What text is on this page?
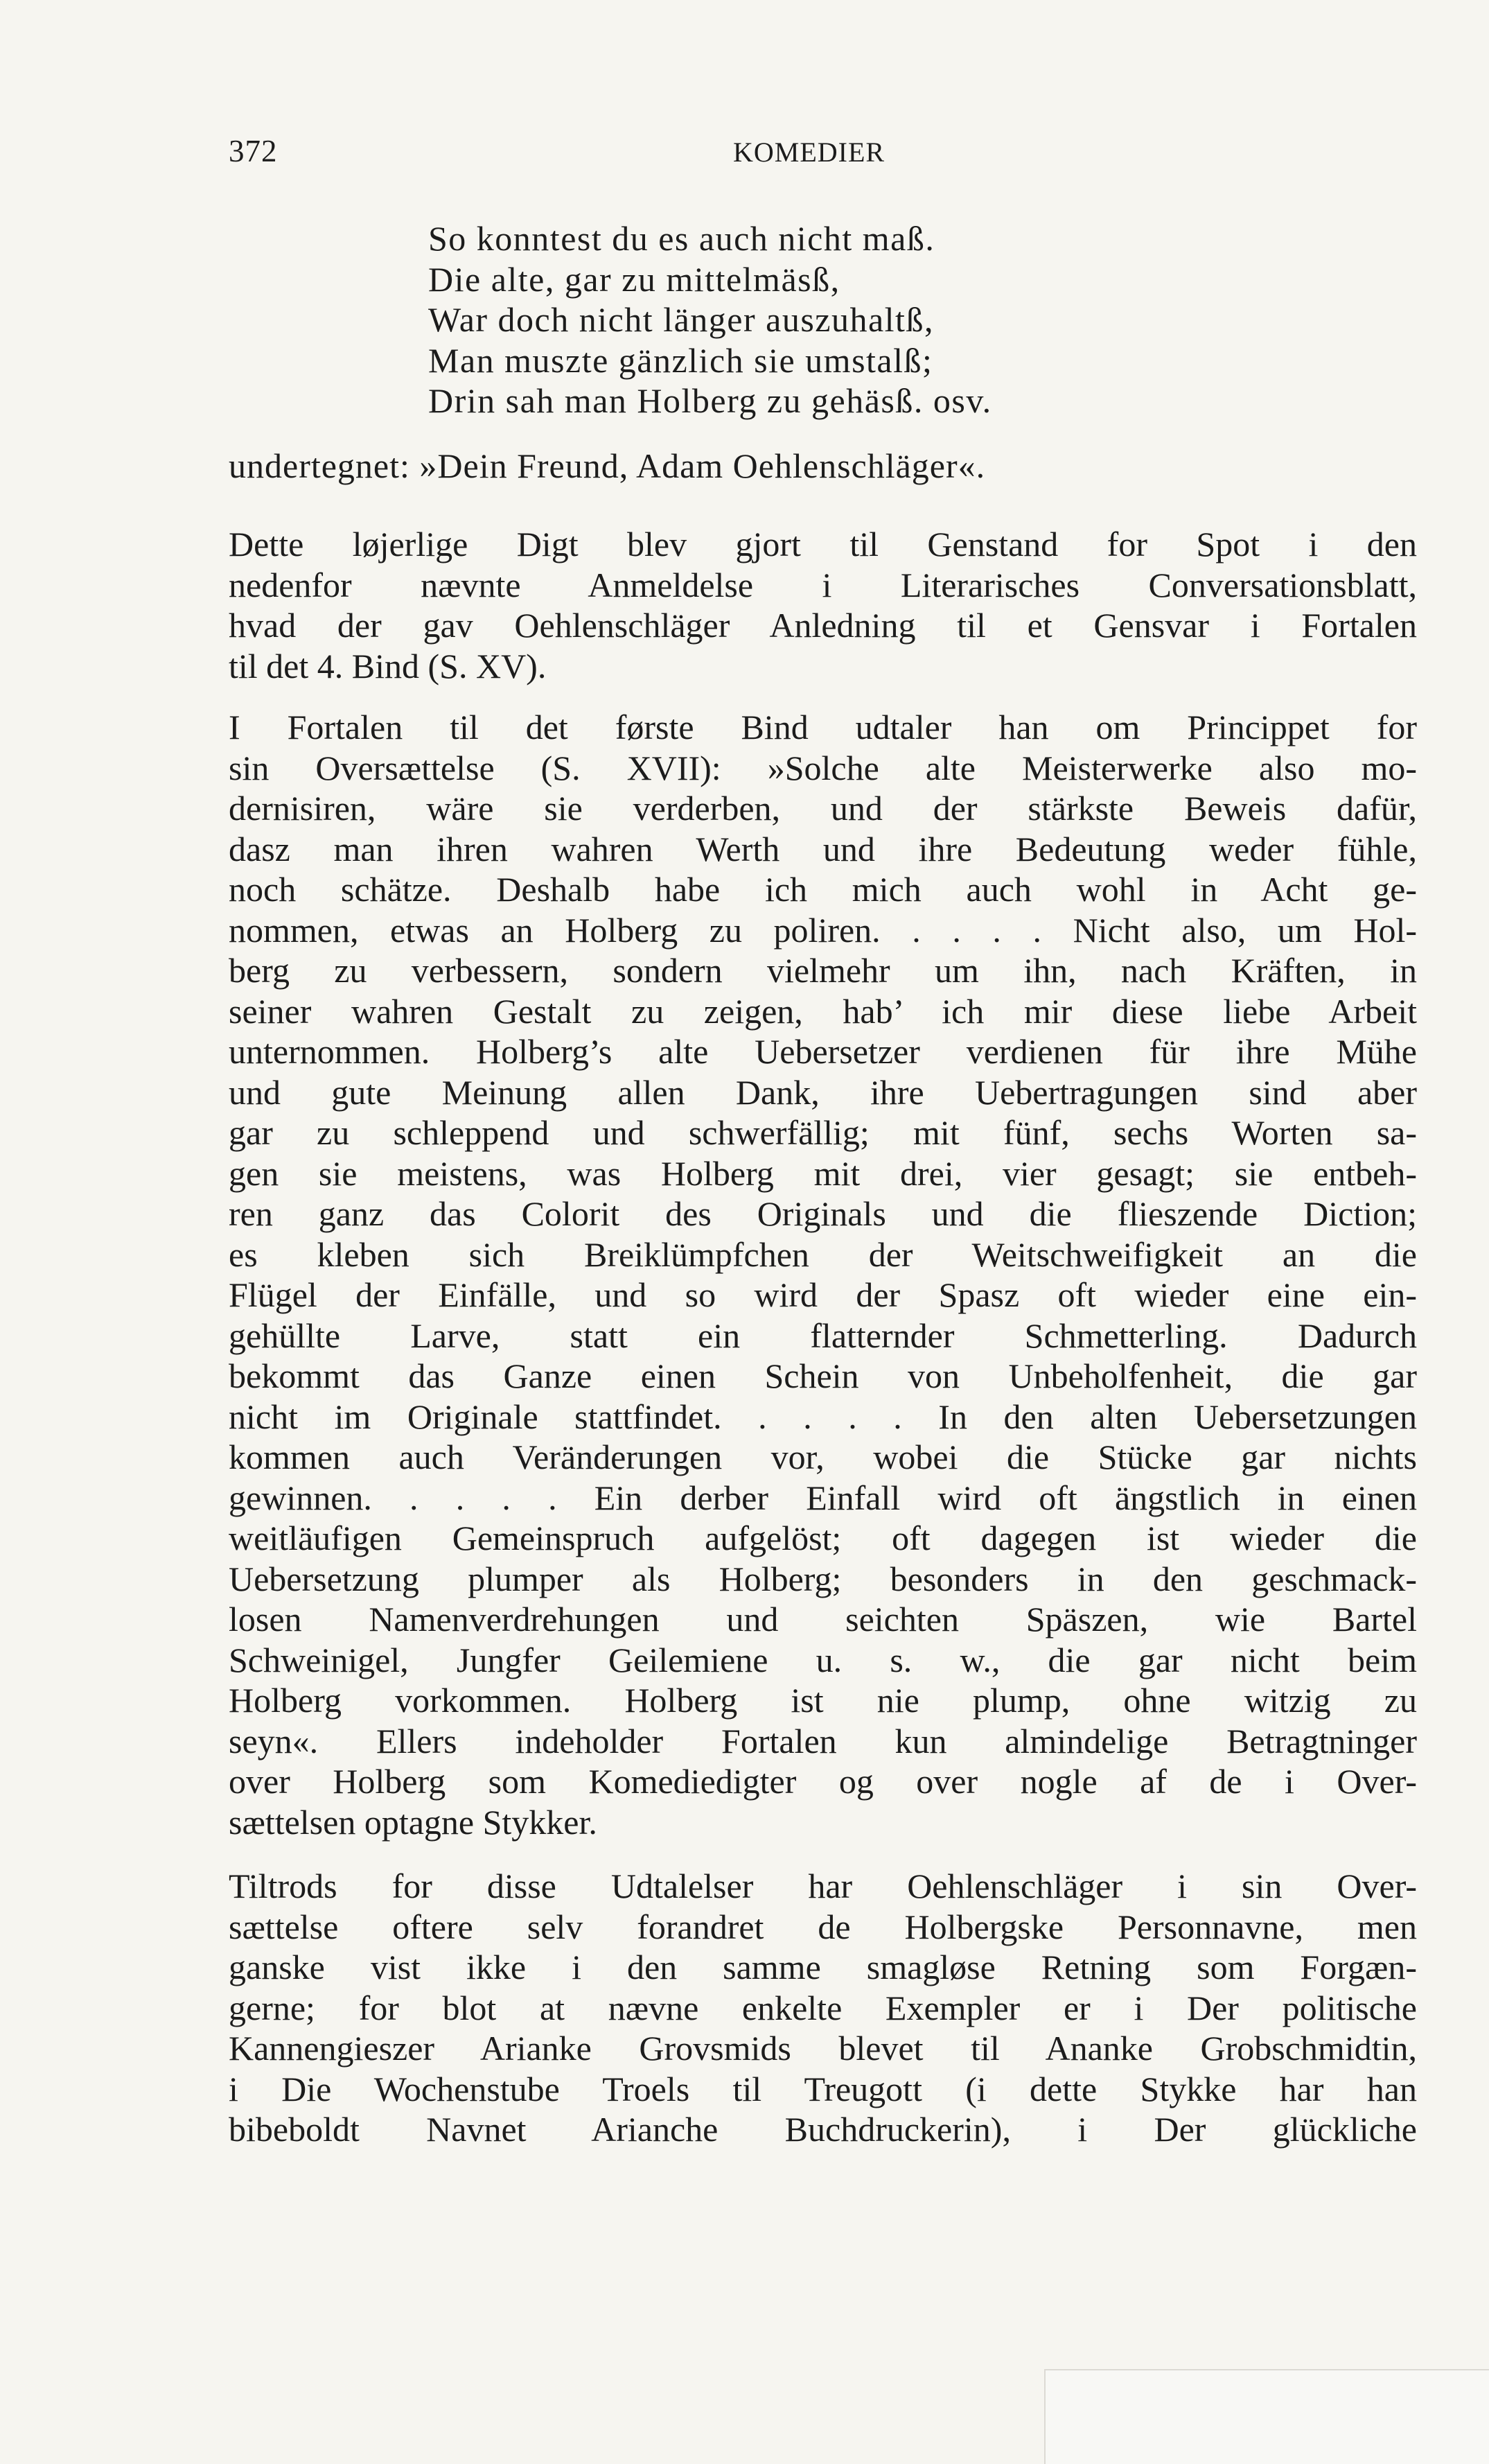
372	KOMEDIER
So konntest du es auch nicht maß.
Die alte, gar zu mittelmäsß,
War doch nicht länger auszuhaltß,
Man muszte gänzlich sie umstalß;
Drin sah man Holberg zu gehäsß. osv.
undertegnet: »Dein Freund, Adam Oehlenschläger«.
Dette løjerlige Digt blev gjort til Genstand for Spot i den
nedenfor nævnte Anmeldelse i Literarisches Conversationsblatt,
hvad der gav Oehlenschläger Anledning til et Gensvar i Fortalen
til det 4. Bind (S. XV).
I Fortalen til det første Bind udtaler han om Princippet for
sin Oversættelse (S. XVII): »Solche alte Meisterwerke also mo-
dernisiren, wäre sie verderben, und der stärkste Beweis dafür,
dasz man ihren wahren Werth und ihre Bedeutung weder fühle,
noch schätze. Deshalb habe ich mich auch wohl in Acht ge-
nommen, etwas an Holberg zu poliren. . . . . Nicht also, um Hol-
berg zu verbessern, sondern vielmehr um ihn, nach Kräften, in
seiner wahren Gestalt zu zeigen, hab’ ich mir diese liebe Arbeit
unternommen. Holberg’s alte Uebersetzer verdienen für ihre Mühe
und gute Meinung allen Dank, ihre Uebertragungen sind aber
gar zu schleppend und schwerfällig; mit fünf, sechs Worten sa-
gen sie meistens, was Holberg mit drei, vier gesagt; sie entbeh-
ren ganz das Colorit des Originals und die flieszende Diction;
es kleben sich Breiklümpfchen der Weitschweifigkeit an die
Flügel der Einfälle, und so wird der Spasz oft wieder eine ein-
gehüllte Larve, statt ein flatternder Schmetterling. Dadurch
bekommt das Ganze einen Schein von Unbeholfenheit, die gar
nicht im Originale stattfindet. . . . . In den alten Uebersetzungen
kommen auch Veränderungen vor, wobei die Stücke gar nichts
gewinnen. . . . . Ein derber Einfall wird oft ängstlich in einen
weitläufigen Gemeinspruch aufgelöst; oft dagegen ist wieder die
Uebersetzung plumper als Holberg; besonders in den geschmack-
losen Namenverdrehungen und seichten Späszen, wie Bartel
Schweinigel, Jungfer Geilemiene u. s. w., die gar nicht beim
Holberg vorkommen. Holberg ist nie plump, ohne witzig zu
seyn«. Ellers indeholder Fortalen kun almindelige Betragtninger
over Holberg som Komediedigter og over nogle af de i Over-
sættelsen optagne Stykker.
Tiltrods for disse Udtalelser har Oehlenschläger i sin Over-
sættelse oftere selv forandret de Holbergske Personnavne, men
ganske vist ikke i den samme smagløse Retning som Forgæn-
gerne; for blot at nævne enkelte Exempler er i Der politische
Kannengieszer Arianke Grovsmids blevet til Ananke Grobschmidtin,
i Die Wochenstube Troels til Treugott (i dette Stykke har han
bibeboldt Navnet Arianche Buchdruckerin), i Der glückliche
